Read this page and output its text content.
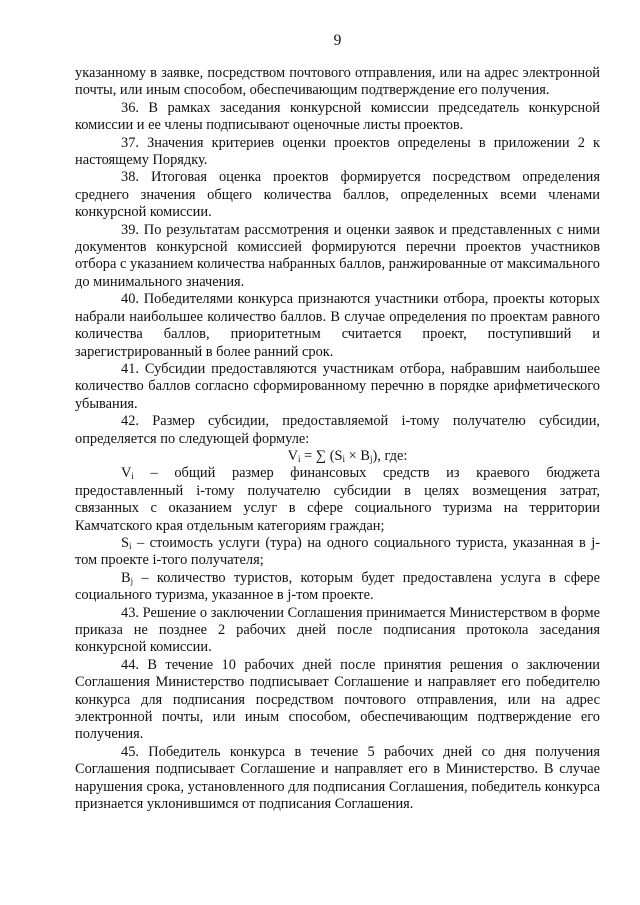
9

указанному в заявке, посредством почтового отправления, или на адрес электронной почты, или иным способом, обеспечивающим подтверждение его получения.

36. В рамках заседания конкурсной комиссии председатель конкурсной комиссии и ее члены подписывают оценочные листы проектов.

37. Значения критериев оценки проектов определены в приложении 2 к настоящему Порядку.

38. Итоговая оценка проектов формируется посредством определения среднего значения общего количества баллов, определенных всеми членами конкурсной комиссии.

39. По результатам рассмотрения и оценки заявок и представленных с ними документов конкурсной комиссией формируются перечни проектов участников отбора с указанием количества набранных баллов, ранжированные от максимального до минимального значения.

40. Победителями конкурса признаются участники отбора, проекты которых набрали наибольшее количество баллов. В случае определения по проектам равного количества баллов, приоритетным считается проект, поступивший и зарегистрированный в более ранний срок.

41. Субсидии предоставляются участникам отбора, набравшим наибольшее количество баллов согласно сформированному перечню в порядке арифметического убывания.

42. Размер субсидии, предоставляемой i-тому получателю субсидии, определяется по следующей формуле:

$V_i$ = ∑ $(S_i \times B_j)$, где:

$V_i$ – общий размер финансовых средств из краевого бюджета предоставленный i-тому получателю субсидии в целях возмещения затрат, связанных с оказанием услуг в сфере социального туризма на территории Камчатского края отдельным категориям граждан;

$S_i$ – стоимость услуги (тура) на одного социального туриста, указанная в j-том проекте i-того получателя;

$B_j$ – количество туристов, которым будет предоставлена услуга в сфере социального туризма, указанное в j-том проекте.

43. Решение о заключении Соглашения принимается Министерством в форме приказа не позднее 2 рабочих дней после подписания протокола заседания конкурсной комиссии.

44. В течение 10 рабочих дней после принятия решения о заключении Соглашения Министерство подписывает Соглашение и направляет его победителю конкурса для подписания посредством почтового отправления, или на адрес электронной почты, или иным способом, обеспечивающим подтверждение его получения.

45. Победитель конкурса в течение 5 рабочих дней со дня получения Соглашения подписывает Соглашение и направляет его в Министерство. В случае нарушения срока, установленного для подписания Соглашения, победитель конкурса признается уклонившимся от подписания Соглашения.
